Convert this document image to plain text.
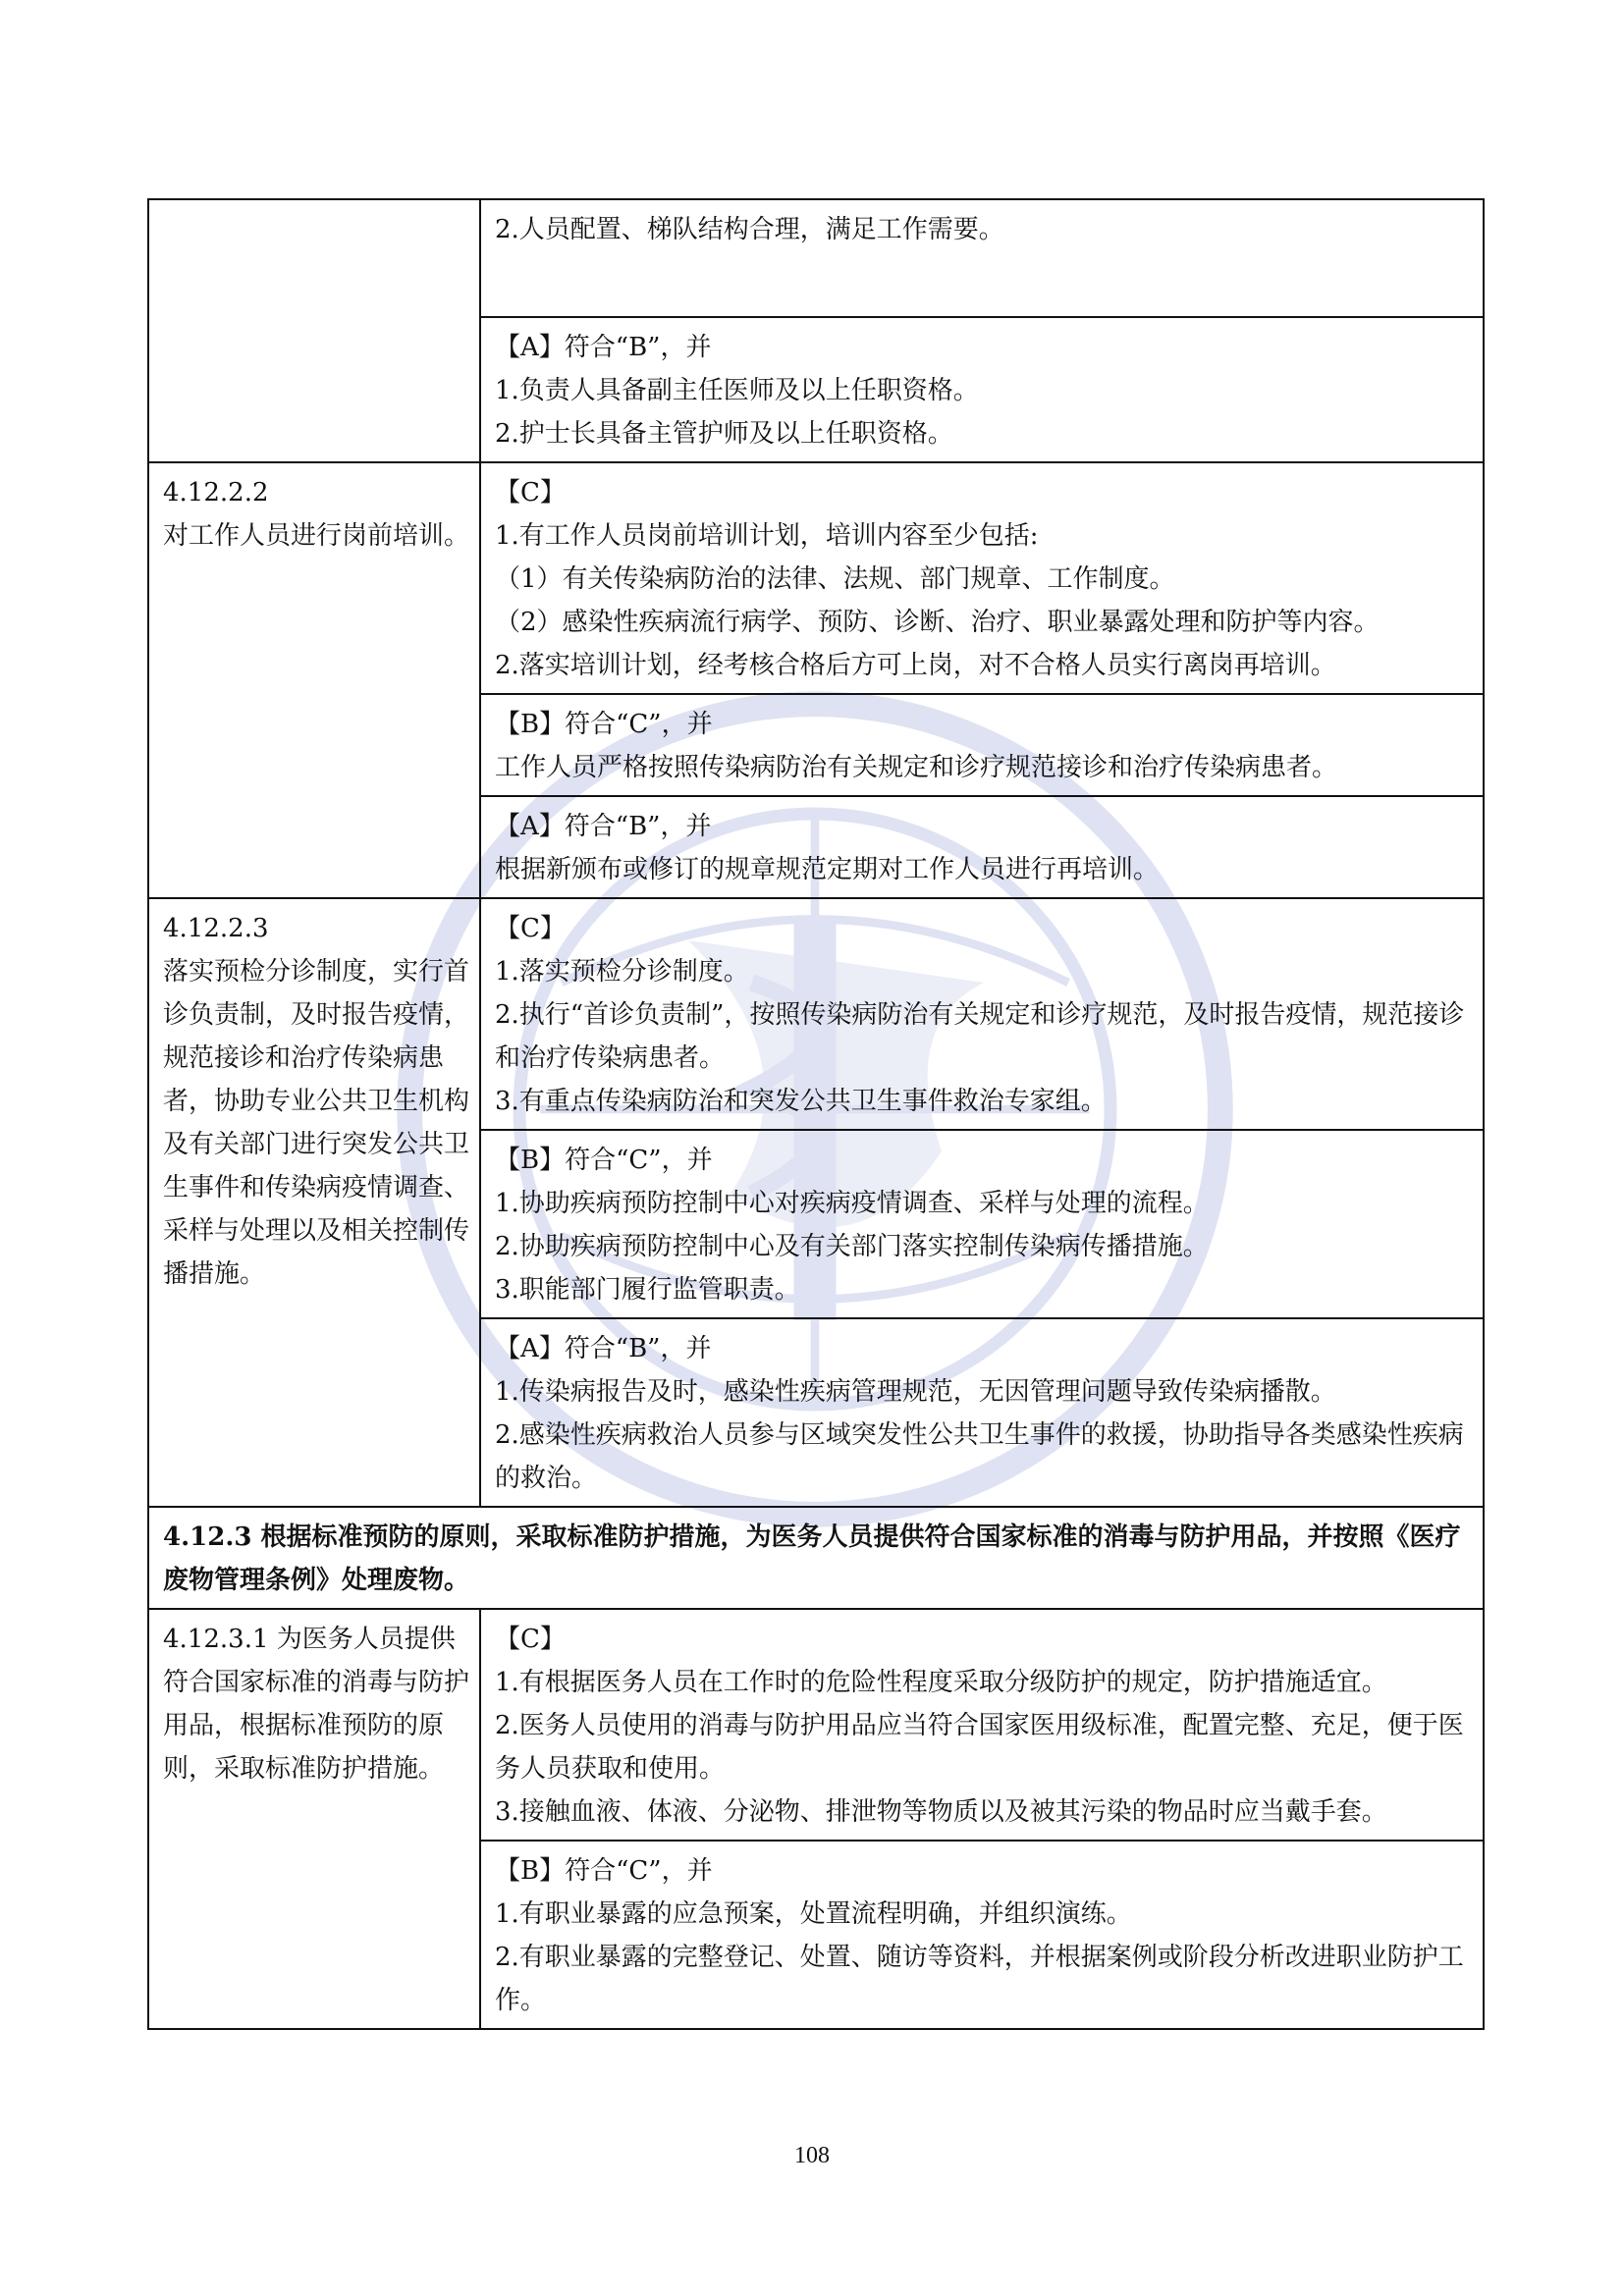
	2.人员配置、梯队结构合理，满足工作需要。

	【A】符合“B”，并
1.负责人具备副主任医师及以上任职资格。
2.护士长具备主管护师及以上任职资格。

4.12.2.2
对工作人员进行岗前培训。	【C】
1.有工作人员岗前培训计划，培训内容至少包括:
（1）有关传染病防治的法律、法规、部门规章、工作制度。
（2）感染性疾病流行病学、预防、诊断、治疗、职业暴露处理和防护等内容。
2.落实培训计划，经考核合格后方可上岗，对不合格人员实行离岗再培训。

	【B】符合“C”，并
工作人员严格按照传染病防治有关规定和诊疗规范接诊和治疗传染病患者。

	【A】符合“B”，并
根据新颁布或修订的规章规范定期对工作人员进行再培训。

4.12.2.3
落实预检分诊制度，实行首诊负责制，及时报告疫情，规范接诊和治疗传染病患者，协助专业公共卫生机构及有关部门进行突发公共卫生事件和传染病疫情调查、采样与处理以及相关控制传播措施。	【C】
1.落实预检分诊制度。
2.执行“首诊负责制”，按照传染病防治有关规定和诊疗规范，及时报告疫情，规范接诊和治疗传染病患者。
3.有重点传染病防治和突发公共卫生事件救治专家组。

	【B】符合“C”，并
1.协助疾病预防控制中心对疾病疫情调查、采样与处理的流程。
2.协助疾病预防控制中心及有关部门落实控制传染病传播措施。
3.职能部门履行监管职责。

	【A】符合“B”，并
1.传染病报告及时，感染性疾病管理规范，无因管理问题导致传染病播散。
2.感染性疾病救治人员参与区域突发性公共卫生事件的救援，协助指导各类感染性疾病的救治。

4.12.3 根据标准预防的原则，采取标准防护措施，为医务人员提供符合国家标准的消毒与防护用品，并按照《医疗废物管理条例》处理废物。	

4.12.3.1 为医务人员提供符合国家标准的消毒与防护用品，根据标准预防的原则，采取标准防护措施。	【C】
1.有根据医务人员在工作时的危险性程度采取分级防护的规定，防护措施适宜。
2.医务人员使用的消毒与防护用品应当符合国家医用级标准，配置完整、充足，便于医务人员获取和使用。
3.接触血液、体液、分泌物、排泄物等物质以及被其污染的物品时应当戴手套。

	【B】符合“C”，并
1.有职业暴露的应急预案，处置流程明确，并组织演练。
2.有职业暴露的完整登记、处置、随访等资料，并根据案例或阶段分析改进职业防护工作。
108
